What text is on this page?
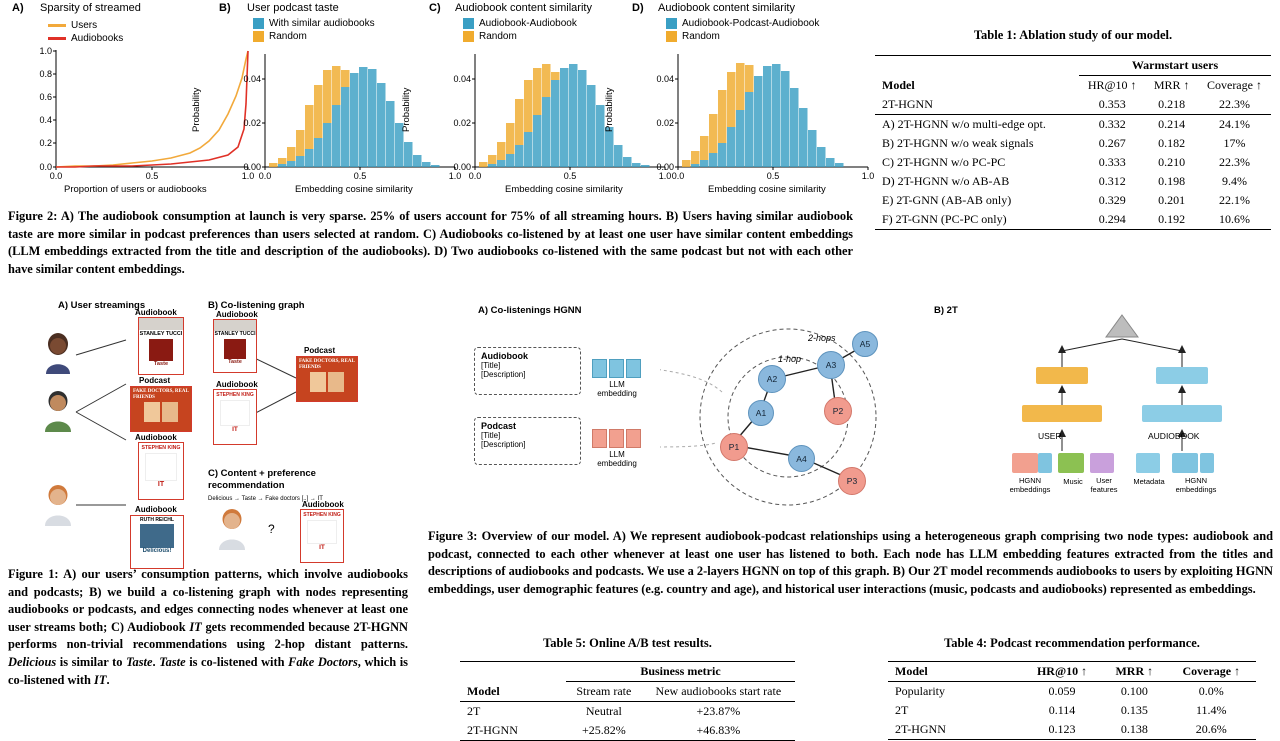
A) Sparsity of streamed
Users
Audiobooks
0.0
0.2
0.4
0.6
0.8
1.0
0.0	0.5	1.0
Proportion of users or audiobooks
B) User podcast taste
With similar audiobooks
Random
0.00
0.02
0.04
0.0	0.5	1.0
Embedding cosine similarity
Probability
C) Audiobook content similarity
Audiobook-Audiobook
Random
0.00
0.02
0.04
0.0	0.5	1.0
Embedding cosine similarity
Probability
D) Audiobook content similarity
Audiobook-Podcast-Audiobook
Random
0.00
0.02
0.04
0.0	0.5	1.0
Embedding cosine similarity
Probability
Figure 2: A) The audiobook consumption at launch is very sparse. 25% of users account for 75% of all streaming hours. B) Users having similar audiobook taste are more similar in podcast preferences than users selected at random. C) Audiobooks co-listened by at least one user have similar content embeddings (LLM embeddings extracted from the title and description of the audiobooks). D) Two audiobooks co-listened with the same podcast but not with each other have similar content embeddings.
Table 1: Ablation study of our model.
	Warmstart users		
Model	HR@10 ↑	MRR ↑	Coverage ↑
2T-HGNN	0.353	0.218	22.3%
A) 2T-HGNN w/o multi-edge opt.	0.332	0.214	24.1%
B) 2T-HGNN w/o weak signals	0.267	0.182	17%
C) 2T-HGNN w/o PC-PC	0.333	0.210	22.3%
D) 2T-HGNN w/o AB-AB	0.312	0.198	9.4%
E) 2T-GNN (AB-AB only)	0.329	0.201	22.1%
F) 2T-GNN (PC-PC only)	0.294	0.192	10.6%
A) User streamings	B) Co-listening graph
C) Content + preference recommendation
Audiobook
STANLEY TUCCI
Taste
Podcast
FAKE DOCTORS, REAL FRIENDS
Audiobook
STEPHEN KING
IT
Audiobook
RUTH REICHL
Delicious!
Audiobook
STANLEY TUCCI
Taste
Podcast
FAKE DOCTORS, REAL FRIENDS
Audiobook
STEPHEN KING
IT
Delicious → Taste → Fake doctors [..] → IT
?
Audiobook
STEPHEN KING
IT
Figure 1: A) our users’ consumption patterns, which involve audiobooks and podcasts; B) we build a co-listening graph with nodes representing audiobooks or podcasts, and edges connecting nodes whenever at least one user streams both; C) Audiobook IT gets recommended because 2T-HGNN performs non-trivial recommendations using 2-hop distant patterns. Delicious is similar to Taste. Taste is co-listened with Fake Doctors, which is co-listened with IT.
A) Co-listenings HGNN	B) 2T
Audiobook
[Title]
[Description]
Podcast
[Title]
[Description]
LLM embedding
LLM embedding
2-hops
1-hop
A2
A3
A5
A1
A4
P1
P2
P3
USER	AUDIOBOOK
HGNN embeddings
Music	User features
Metadata	HGNN embeddings
Figure 3: Overview of our model. A) We represent audiobook-podcast relationships using a heterogeneous graph comprising two node types: audiobook and podcast, connected to each other whenever at least one user has listened to both. Each node has LLM embedding features extracted from the titles and descriptions of audiobooks and podcasts. We use a 2-layers HGNN on top of this graph. B) Our 2T model recommends audiobooks to users by exploiting HGNN embeddings, user demographic features (e.g. country and age), and historical user interactions (music, podcasts and audiobooks) represented as embeddings.
Table 5: Online A/B test results.
	Business metric	
Model	Stream rate	New audiobooks start rate
2T	Neutral	+23.87%
2T-HGNN	+25.82%	+46.83%
Table 4: Podcast recommendation performance.
Model	HR@10 ↑	MRR ↑	Coverage ↑
Popularity	0.059	0.100	0.0%
2T	0.114	0.135	11.4%
2T-HGNN	0.123	0.138	20.6%
